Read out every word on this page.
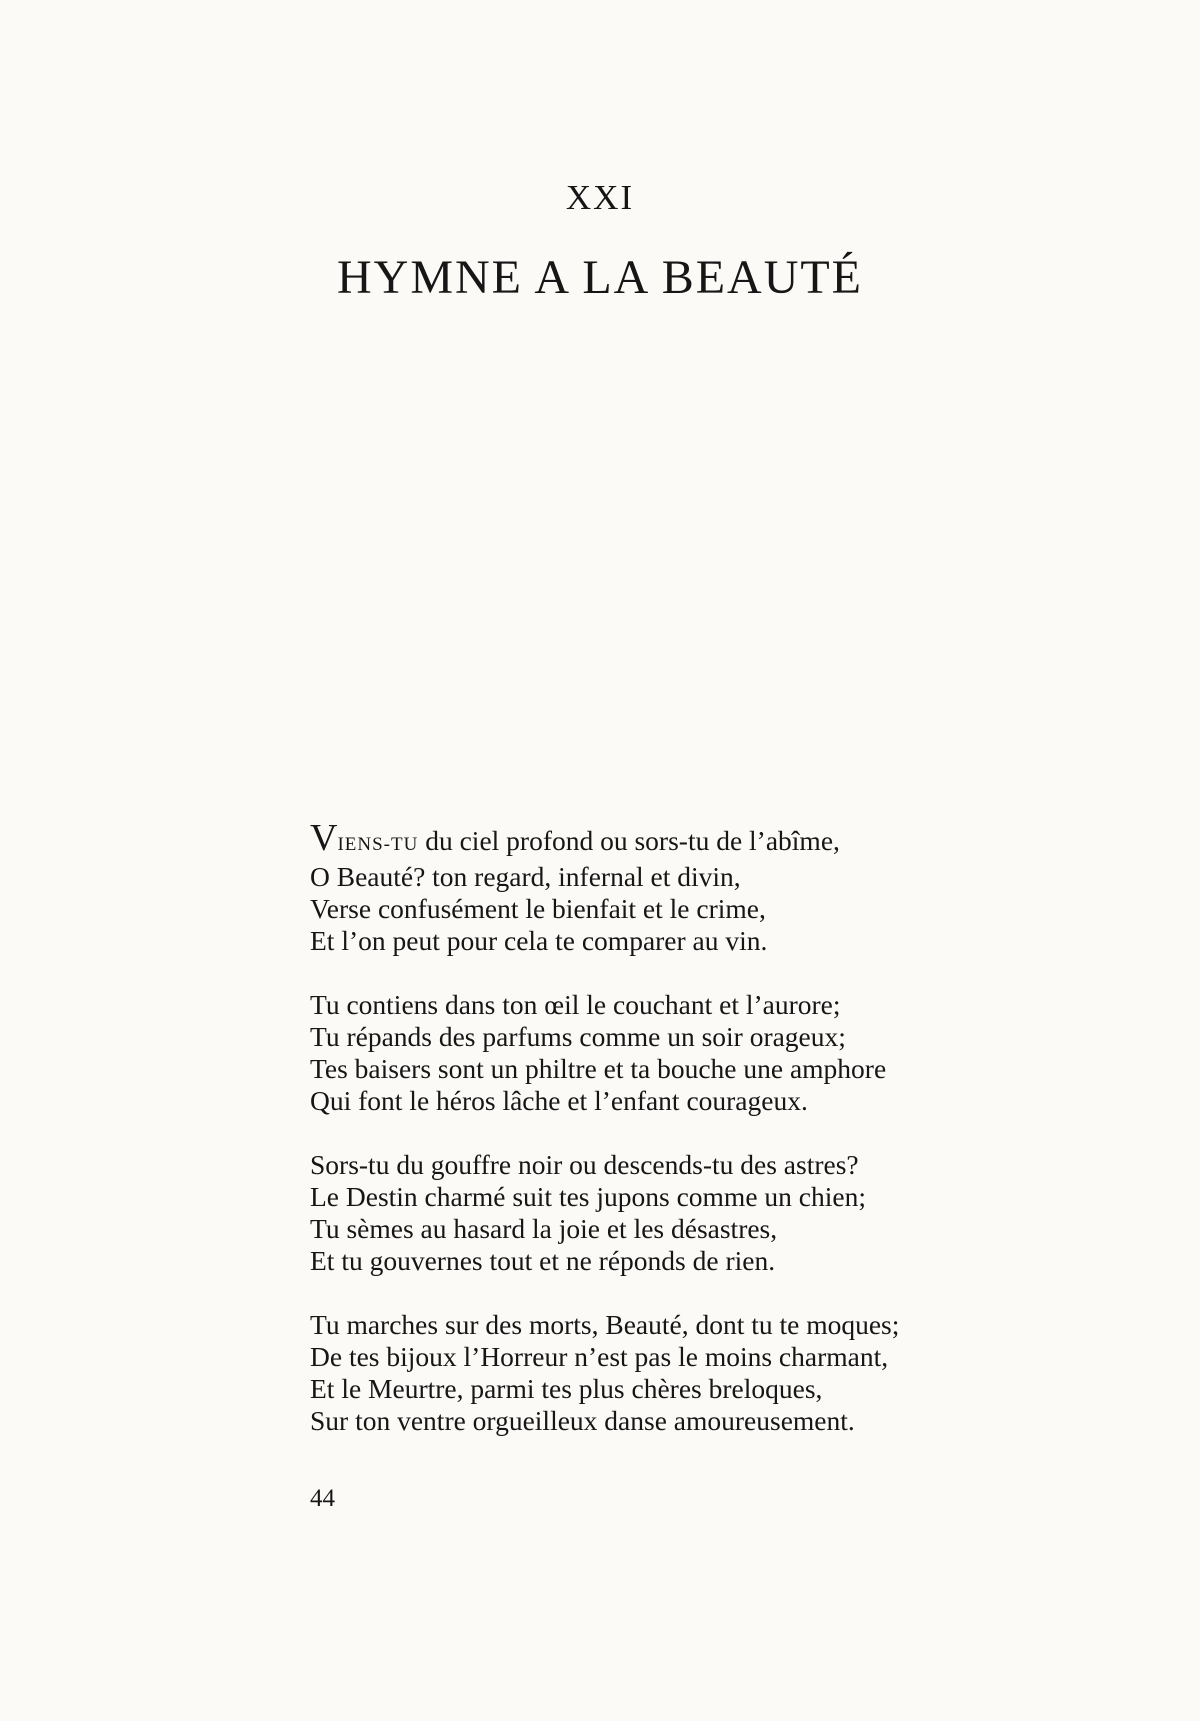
XXI
HYMNE A LA BEAUTÉ
VIENS-TU du ciel profond ou sors-tu de l’abîme,
O Beauté? ton regard, infernal et divin,
Verse confusément le bienfait et le crime,
Et l’on peut pour cela te comparer au vin.
Tu contiens dans ton œil le couchant et l’aurore;
Tu répands des parfums comme un soir orageux;
Tes baisers sont un philtre et ta bouche une amphore
Qui font le héros lâche et l’enfant courageux.
Sors-tu du gouffre noir ou descends-tu des astres?
Le Destin charmé suit tes jupons comme un chien;
Tu sèmes au hasard la joie et les désastres,
Et tu gouvernes tout et ne réponds de rien.
Tu marches sur des morts, Beauté, dont tu te moques;
De tes bijoux l’Horreur n’est pas le moins charmant,
Et le Meurtre, parmi tes plus chères breloques,
Sur ton ventre orgueilleux danse amoureusement.
44
